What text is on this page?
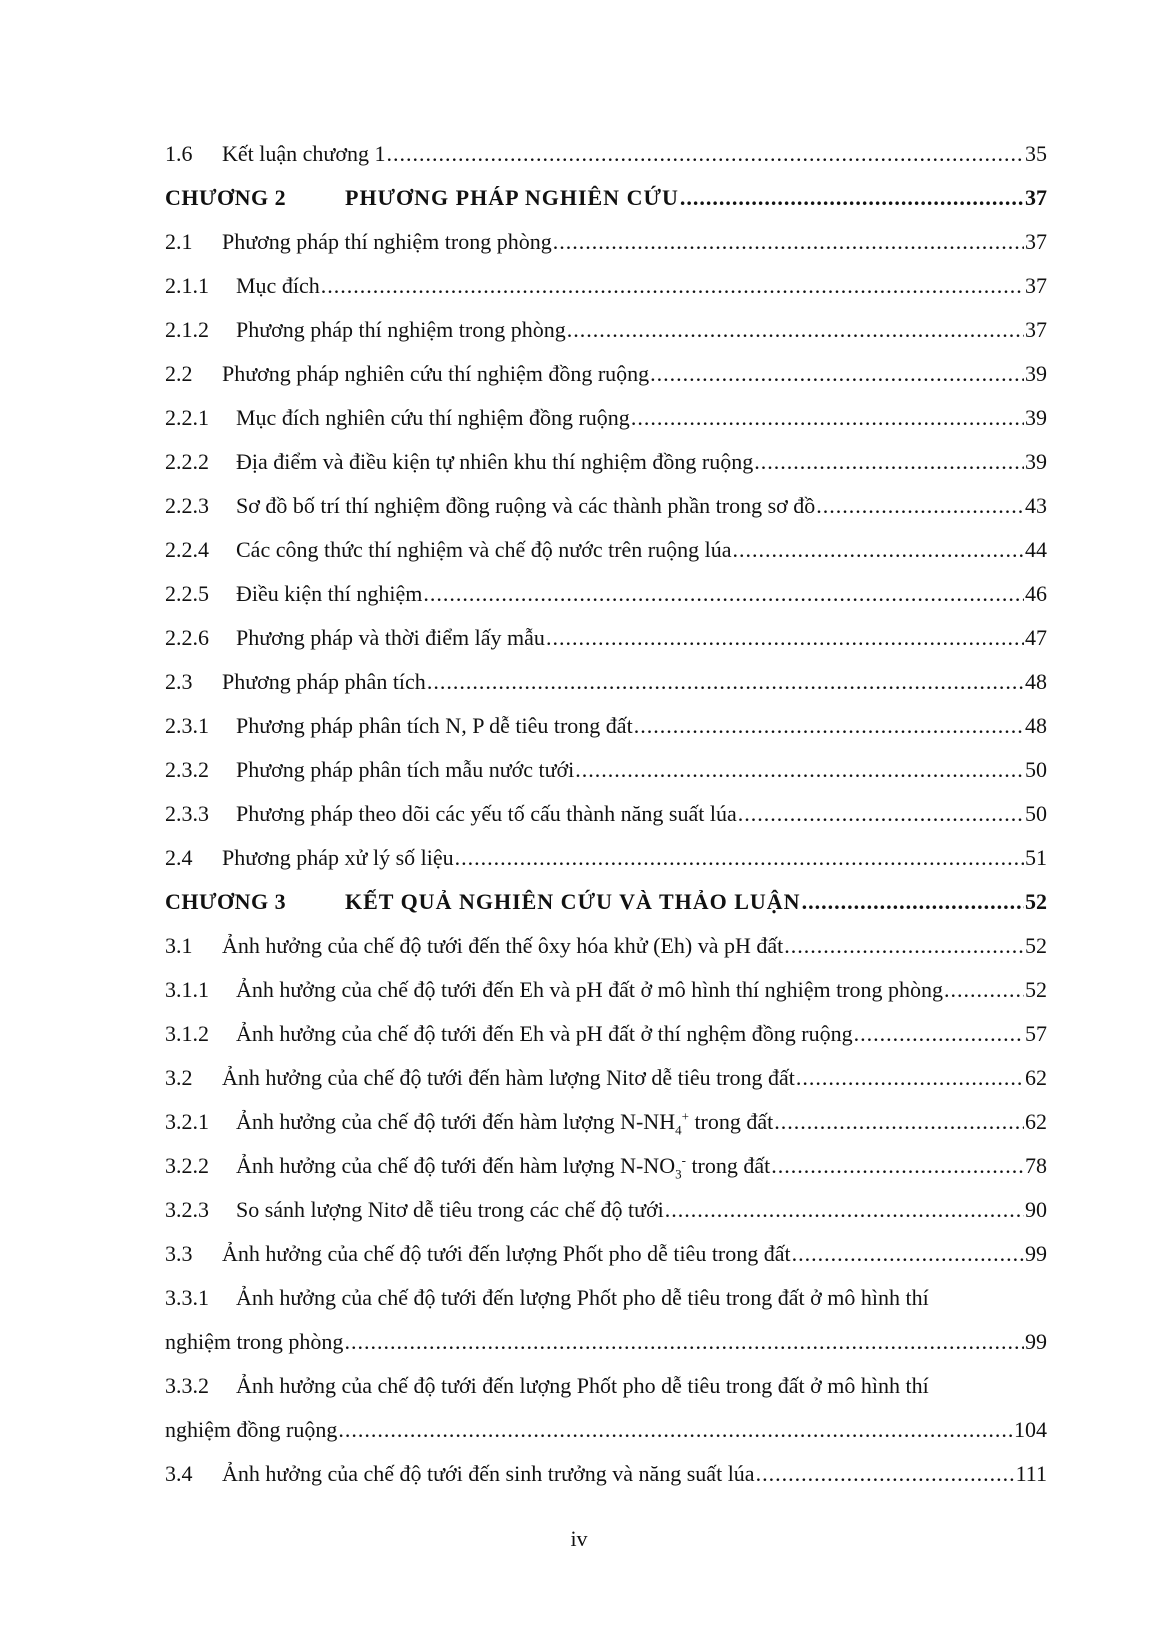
1.6 Kết luận chương 1 .....	35
CHƯƠNG 2	PHƯƠNG PHÁP NGHIÊN CỨU .....	37
2.1 Phương pháp thí nghiệm trong phòng .....	37
2.1.1 Mục đích .....	37
2.1.2 Phương pháp thí nghiệm trong phòng .....	37
2.2 Phương pháp nghiên cứu thí nghiệm đồng ruộng .....	39
2.2.1 Mục đích nghiên cứu thí nghiệm đồng ruộng .....	39
2.2.2 Địa điểm và điều kiện tự nhiên khu thí nghiệm đồng ruộng .....	39
2.2.3 Sơ đồ bố trí thí nghiệm đồng ruộng và các thành phần trong sơ đồ .....	43
2.2.4 Các công thức thí nghiệm và chế độ nước trên ruộng lúa .....	44
2.2.5 Điều kiện thí nghiệm .....	46
2.2.6 Phương pháp và thời điểm lấy mẫu .....	47
2.3 Phương pháp phân tích .....	48
2.3.1 Phương pháp phân tích N, P dễ tiêu trong đất .....	48
2.3.2 Phương pháp phân tích mẫu nước tưới .....	50
2.3.3 Phương pháp theo dõi các yếu tố cấu thành năng suất lúa .....	50
2.4 Phương pháp xử lý số liệu .....	51
CHƯƠNG 3	KẾT QUẢ NGHIÊN CỨU VÀ THẢO LUẬN .....	52
3.1 Ảnh hưởng của chế độ tưới đến thế ôxy hóa khử (Eh) và pH đất .....	52
3.1.1 Ảnh hưởng của chế độ tưới đến Eh và pH đất ở mô hình thí nghiệm trong phòng .....	52
3.1.2 Ảnh hưởng của chế độ tưới đến Eh và pH đất ở thí nghệm đồng ruộng .....	57
3.2 Ảnh hưởng của chế độ tưới đến hàm lượng Nitơ dễ tiêu trong đất .....	62
3.2.1 Ảnh hưởng của chế độ tưới đến hàm lượng $N-NH_4^+$ trong đất .....	62
3.2.2 Ảnh hưởng của chế độ tưới đến hàm lượng $N-NO_3^-$ trong đất .....	78
3.2.3 So sánh lượng Nitơ dễ tiêu trong các chế độ tưới .....	90
3.3 Ảnh hưởng của chế độ tưới đến lượng Phốt pho dễ tiêu trong đất .....	99
3.3.1 Ảnh hưởng của chế độ tưới đến lượng Phốt pho dễ tiêu trong đất ở mô hình thí
nghiệm trong phòng .....	99
3.3.2 Ảnh hưởng của chế độ tưới đến lượng Phốt pho dễ tiêu trong đất ở mô hình thí
nghiệm đồng ruộng .....	104
3.4 Ảnh hưởng của chế độ tưới đến sinh trưởng và năng suất lúa .....	111
iv
